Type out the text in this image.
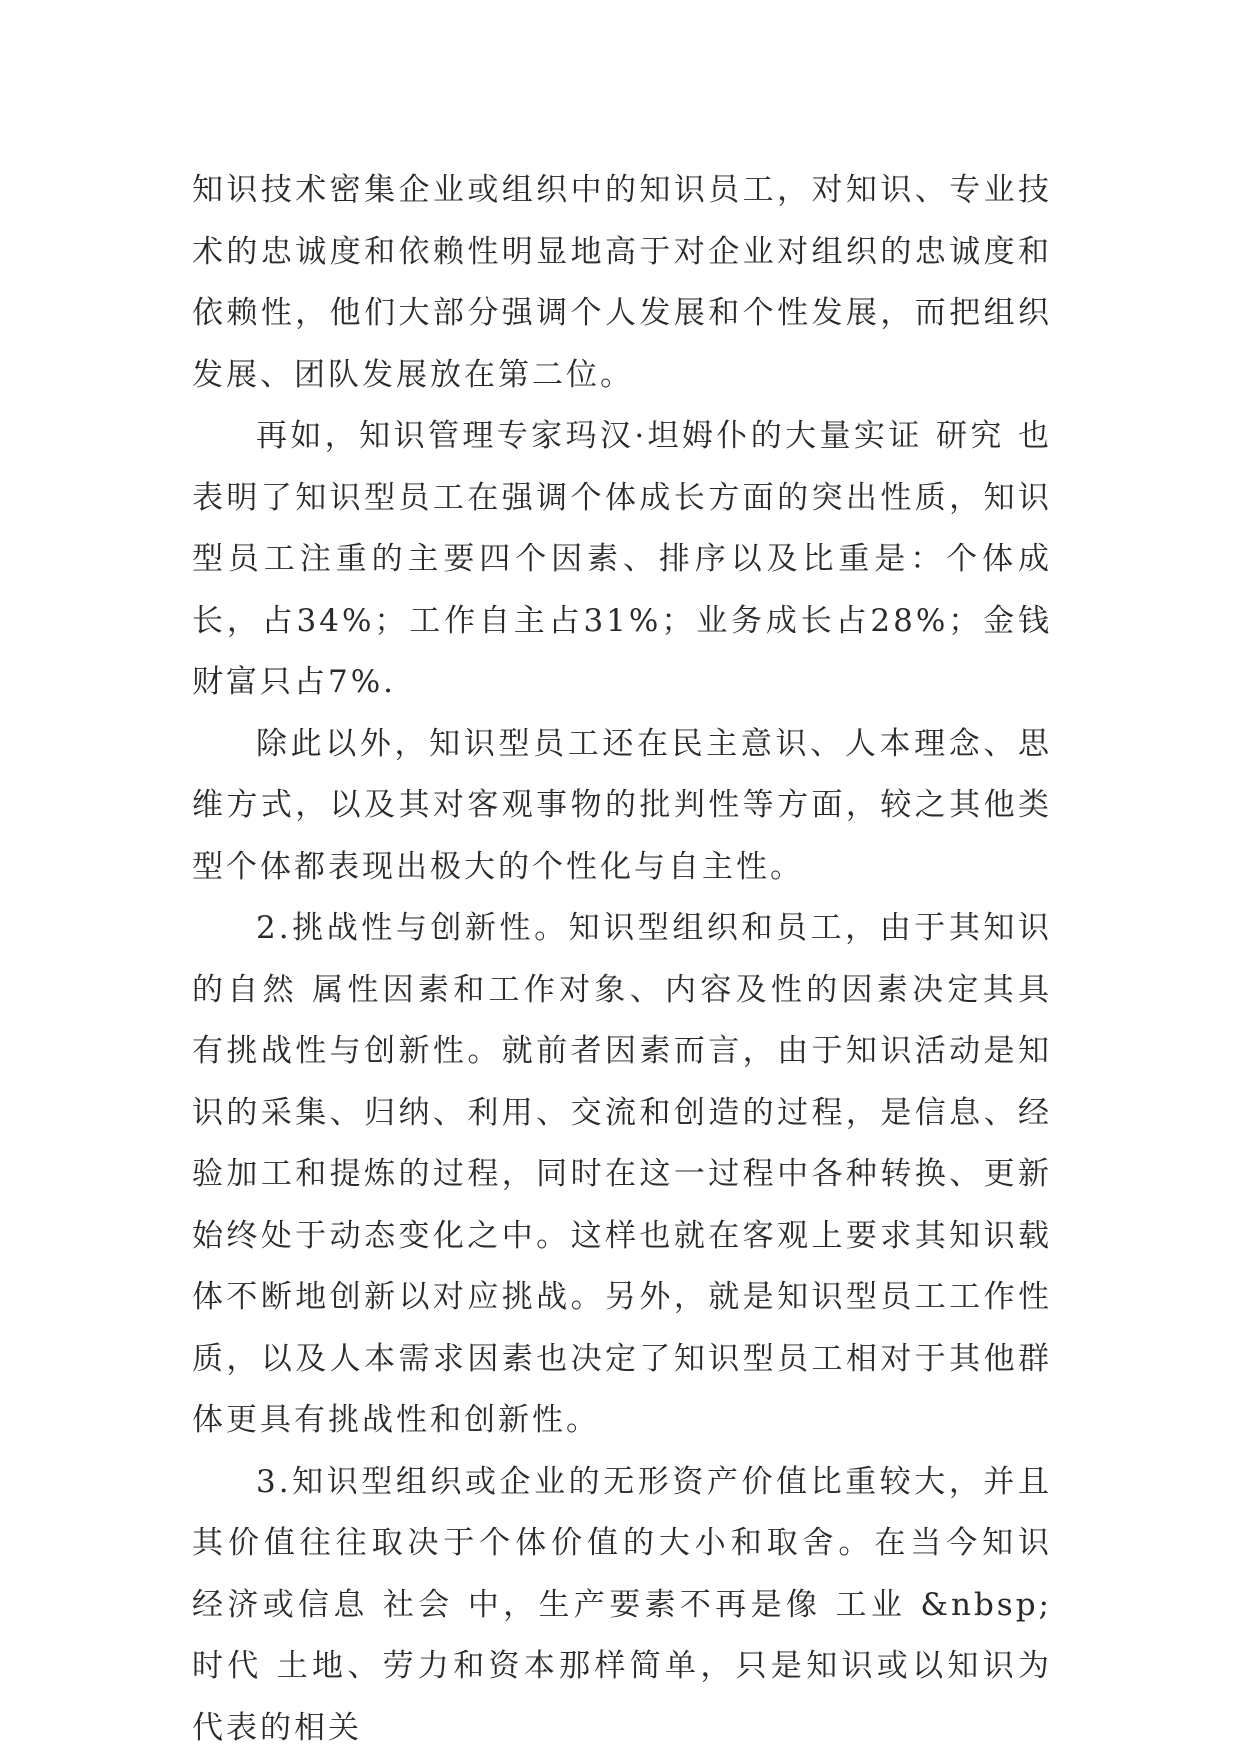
知识技术密集企业或组织中的知识员工，对知识、专业技术的忠诚度和依赖性明显地高于对企业对组织的忠诚度和依赖性，他们大部分强调个人发展和个性发展，而把组织发展、团队发展放在第二位。

再如，知识管理专家玛汉·坦姆仆的大量实证 研究 也表明了知识型员工在强调个体成长方面的突出性质，知识型员工注重的主要四个因素、排序以及比重是：个体成长，占34%；工作自主占31%；业务成长占28%；金钱财富只占7%.

除此以外，知识型员工还在民主意识、人本理念、思维方式，以及其对客观事物的批判性等方面，较之其他类型个体都表现出极大的个性化与自主性。

2.挑战性与创新性。知识型组织和员工，由于其知识的自然 属性因素和工作对象、内容及性的因素决定其具有挑战性与创新性。就前者因素而言，由于知识活动是知识的采集、归纳、利用、交流和创造的过程，是信息、经验加工和提炼的过程，同时在这一过程中各种转换、更新始终处于动态变化之中。这样也就在客观上要求其知识载体不断地创新以对应挑战。另外，就是知识型员工工作性质，以及人本需求因素也决定了知识型员工相对于其他群体更具有挑战性和创新性。

3.知识型组织或企业的无形资产价值比重较大，并且其价值往往取决于个体价值的大小和取舍。在当今知识 经济或信息 社会 中，生产要素不再是像 工业 &nbsp;时代 土地、劳力和资本那样简单，只是知识或以知识为代表的相关
